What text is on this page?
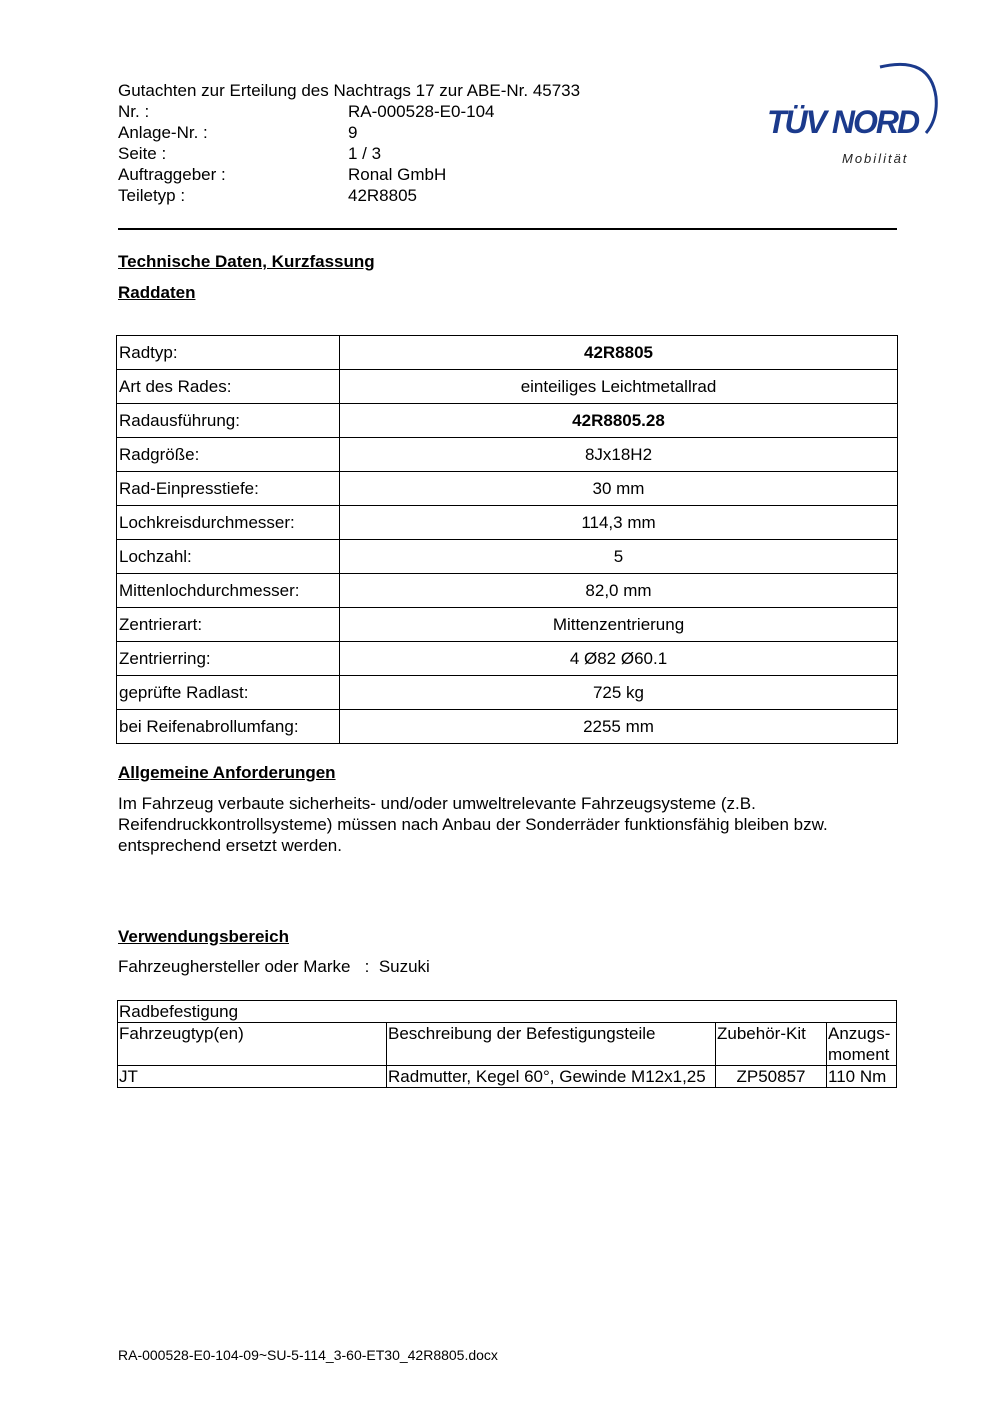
Gutachten zur Erteilung des Nachtrags 17 zur ABE-Nr. 45733
Nr. :	RA-000528-E0-104
Anlage-Nr. :	9
Seite :	1 / 3
Auftraggeber :	Ronal GmbH
Teiletyp :	42R8805
TÜV NORD
Mobilität
Technische Daten, Kurzfassung
Raddaten
Radtyp:	42R8805
Art des Rades:	einteiliges Leichtmetallrad
Radausführung:	42R8805.28
Radgröße:	8Jx18H2
Rad-Einpresstiefe:	30 mm
Lochkreisdurchmesser:	114,3 mm
Lochzahl:	5
Mittenlochdurchmesser:	82,0 mm
Zentrierart:	Mittenzentrierung
Zentrierring:	4 Ø82 Ø60.1
geprüfte Radlast:	725 kg
bei Reifenabrollumfang:	2255 mm
Allgemeine Anforderungen
Im Fahrzeug verbaute sicherheits- und/oder umweltrelevante Fahrzeugsysteme (z.B. Reifendruckkontrollsysteme) müssen nach Anbau der Sonderräder funktionsfähig bleiben bzw. entsprechend ersetzt werden.
Verwendungsbereich
Fahrzeughersteller oder Marke : Suzuki
Radbefestigung			
Fahrzeugtyp(en)	Beschreibung der Befestigungsteile	Zubehör-Kit	Anzugs-moment
JT	Radmutter, Kegel 60°, Gewinde M12x1,25	ZP50857	110 Nm
RA-000528-E0-104-09~SU-5-114_3-60-ET30_42R8805.docx
